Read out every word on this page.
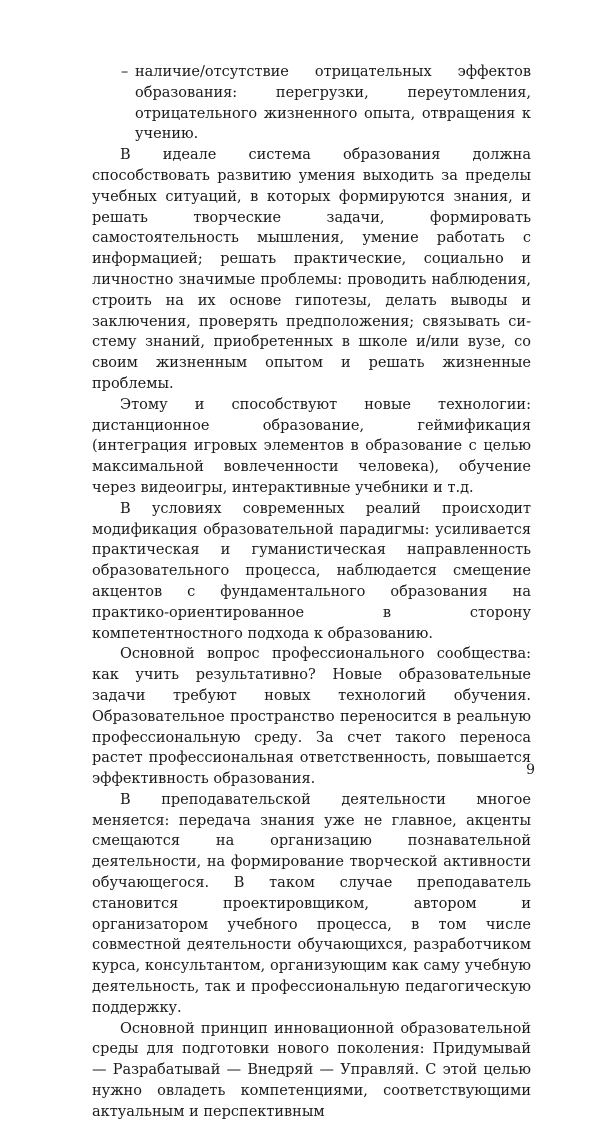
– наличие/отсутствие отрицательных эффектов образования: перегрузки, переутомления, отрицательного жизненного опыта, отвращения к учению.

В идеале система образования должна способствовать развитию умения выходить за пределы учебных ситуаций, в которых формируются знания, и решать творческие задачи, формировать самостоятельность мышления, умение работать с информацией; решать практические, социально и личностно значимые проблемы: проводить наблюдения, строить на их основе гипотезы, делать выводы и заключения, проверять предположения; связывать систему знаний, приобретенных в школе и/или вузе, со своим жизненным опытом и решать жизненные проблемы.

Этому и способствуют новые технологии: дистанционное образование, геймификация (интеграция игровых элементов в образование с целью максимальной вовлеченности человека), обучение через видеоигры, интерактивные учебники и т.д.

В условиях современных реалий происходит модификация образовательной парадигмы: усиливается практическая и гуманистическая направленность образовательного процесса, наблюдается смещение акцентов с фундаментального образования на практико-ориентированное в сторону компетентностного подхода к образованию.

Основной вопрос профессионального сообщества: как учить результативно? Новые образовательные задачи требуют новых технологий обучения. Образовательное пространство переносится в реальную профессиональную среду. За счет такого переноса растет профессиональная ответственность, повышается эффективность образования.

В преподавательской деятельности многое меняется: передача знания уже не главное, акценты смещаются на организацию познавательной деятельности, на формирование творческой активности обучающегося. В таком случае преподаватель становится проектировщиком, автором и организатором учебного процесса, в том числе совместной деятельности обучающихся, разработчиком курса, консультантом, организующим как саму учебную деятельность, так и профессиональную педагогическую поддержку.

Основной принцип инновационной образовательной среды для подготовки нового поколения: Придумывай — Разрабатывай — Внедряй — Управляй. С этой целью нужно овладеть компетенциями, соответствующими актуальным и перспективным

9
